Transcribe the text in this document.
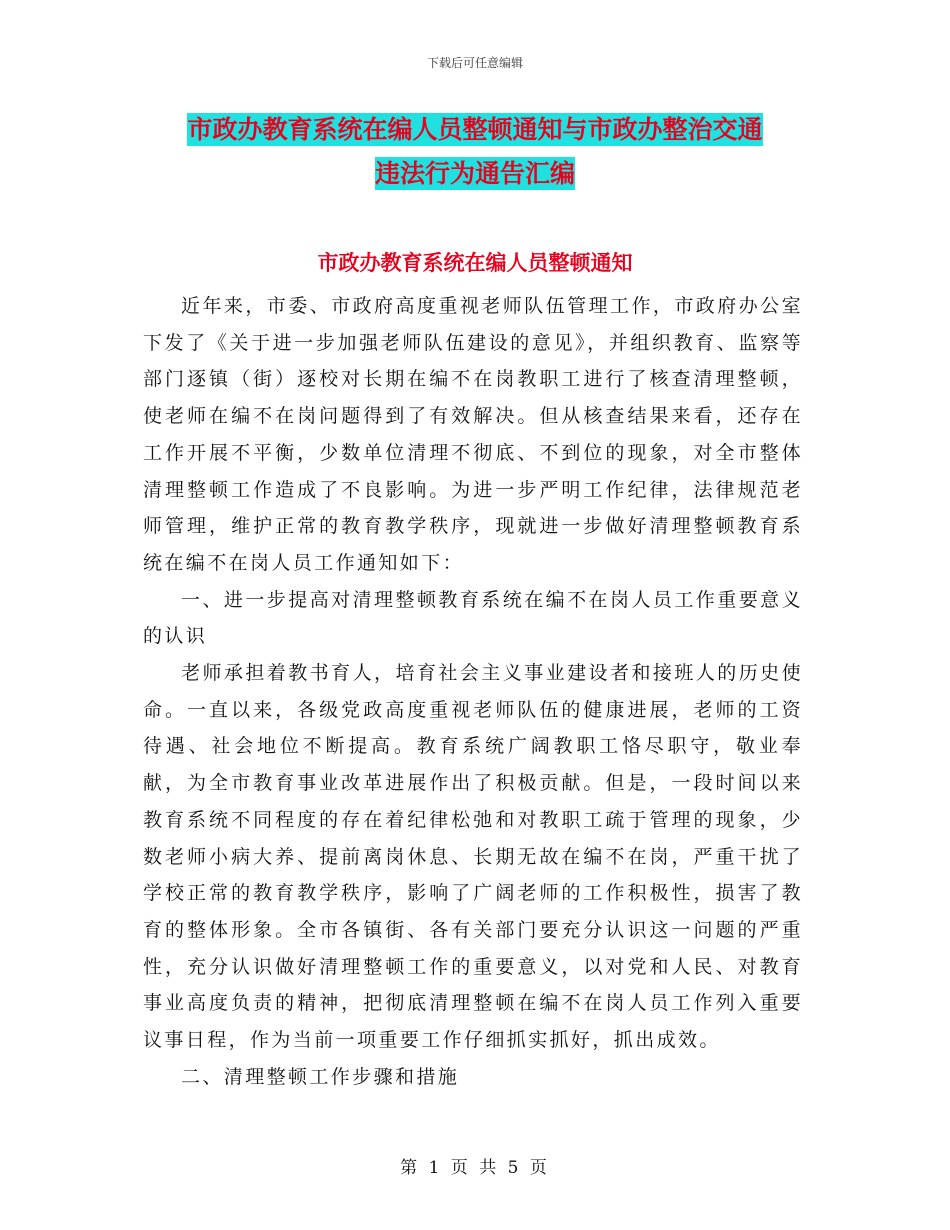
下载后可任意编辑
市政办教育系统在编人员整顿通知与市政办整治交通
违法行为通告汇编
市政办教育系统在编人员整顿通知

近年来，市委、市政府高度重视老师队伍管理工作，市政府办公室下发了《关于进一步加强老师队伍建设的意见》，并组织教育、监察等部门逐镇（街）逐校对长期在编不在岗教职工进行了核查清理整顿，使老师在编不在岗问题得到了有效解决。但从核查结果来看，还存在工作开展不平衡，少数单位清理不彻底、不到位的现象，对全市整体清理整顿工作造成了不良影响。为进一步严明工作纪律，法律规范老师管理，维护正常的教育教学秩序，现就进一步做好清理整顿教育系统在编不在岗人员工作通知如下：

一、进一步提高对清理整顿教育系统在编不在岗人员工作重要意义的认识

老师承担着教书育人，培育社会主义事业建设者和接班人的历史使命。一直以来，各级党政高度重视老师队伍的健康进展，老师的工资待遇、社会地位不断提高。教育系统广阔教职工恪尽职守，敬业奉献，为全市教育事业改革进展作出了积极贡献。但是，一段时间以来教育系统不同程度的存在着纪律松弛和对教职工疏于管理的现象，少数老师小病大养、提前离岗休息、长期无故在编不在岗，严重干扰了学校正常的教育教学秩序，影响了广阔老师的工作积极性，损害了教育的整体形象。全市各镇街、各有关部门要充分认识这一问题的严重性，充分认识做好清理整顿工作的重要意义，以对党和人民、对教育事业高度负责的精神，把彻底清理整顿在编不在岗人员工作列入重要议事日程，作为当前一项重要工作仔细抓实抓好，抓出成效。

二、清理整顿工作步骤和措施

第 1 页 共 5 页
